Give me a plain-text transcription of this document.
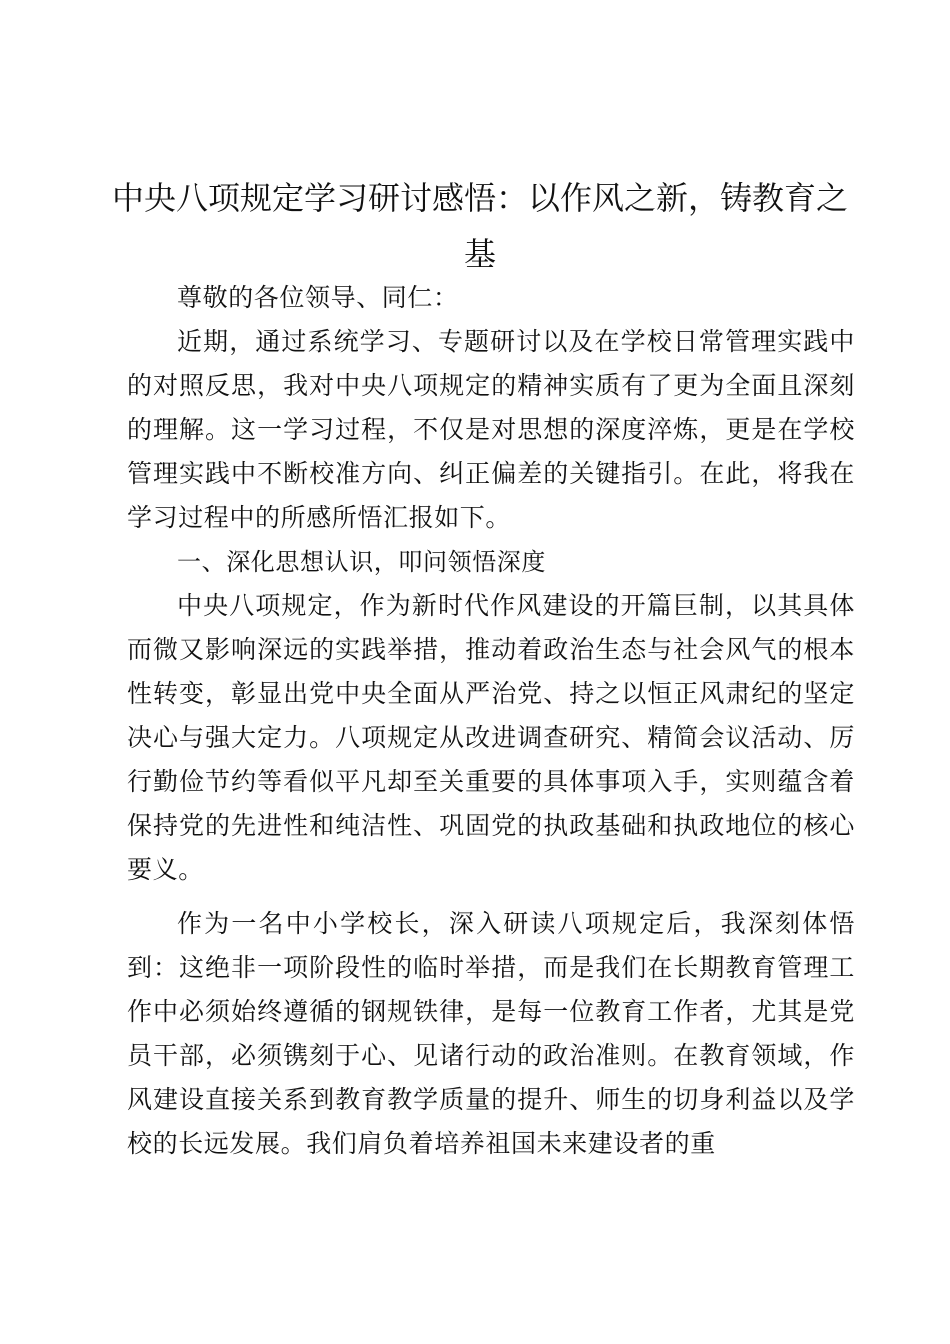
中央八项规定学习研讨感悟：以作风之新，铸教育之基

尊敬的各位领导、同仁：

近期，通过系统学习、专题研讨以及在学校日常管理实践中的对照反思，我对中央八项规定的精神实质有了更为全面且深刻的理解。这一学习过程，不仅是对思想的深度淬炼，更是在学校管理实践中不断校准方向、纠正偏差的关键指引。在此，将我在学习过程中的所感所悟汇报如下。

一、深化思想认识，叩问领悟深度

中央八项规定，作为新时代作风建设的开篇巨制，以其具体而微又影响深远的实践举措，推动着政治生态与社会风气的根本性转变，彰显出党中央全面从严治党、持之以恒正风肃纪的坚定决心与强大定力。八项规定从改进调查研究、精简会议活动、厉行勤俭节约等看似平凡却至关重要的具体事项入手，实则蕴含着保持党的先进性和纯洁性、巩固党的执政基础和执政地位的核心要义。

作为一名中小学校长，深入研读八项规定后，我深刻体悟到：这绝非一项阶段性的临时举措，而是我们在长期教育管理工作中必须始终遵循的钢规铁律，是每一位教育工作者，尤其是党员干部，必须镌刻于心、见诸行动的政治准则。在教育领域，作风建设直接关系到教育教学质量的提升、师生的切身利益以及学校的长远发展。我们肩负着培养祖国未来建设者的重
